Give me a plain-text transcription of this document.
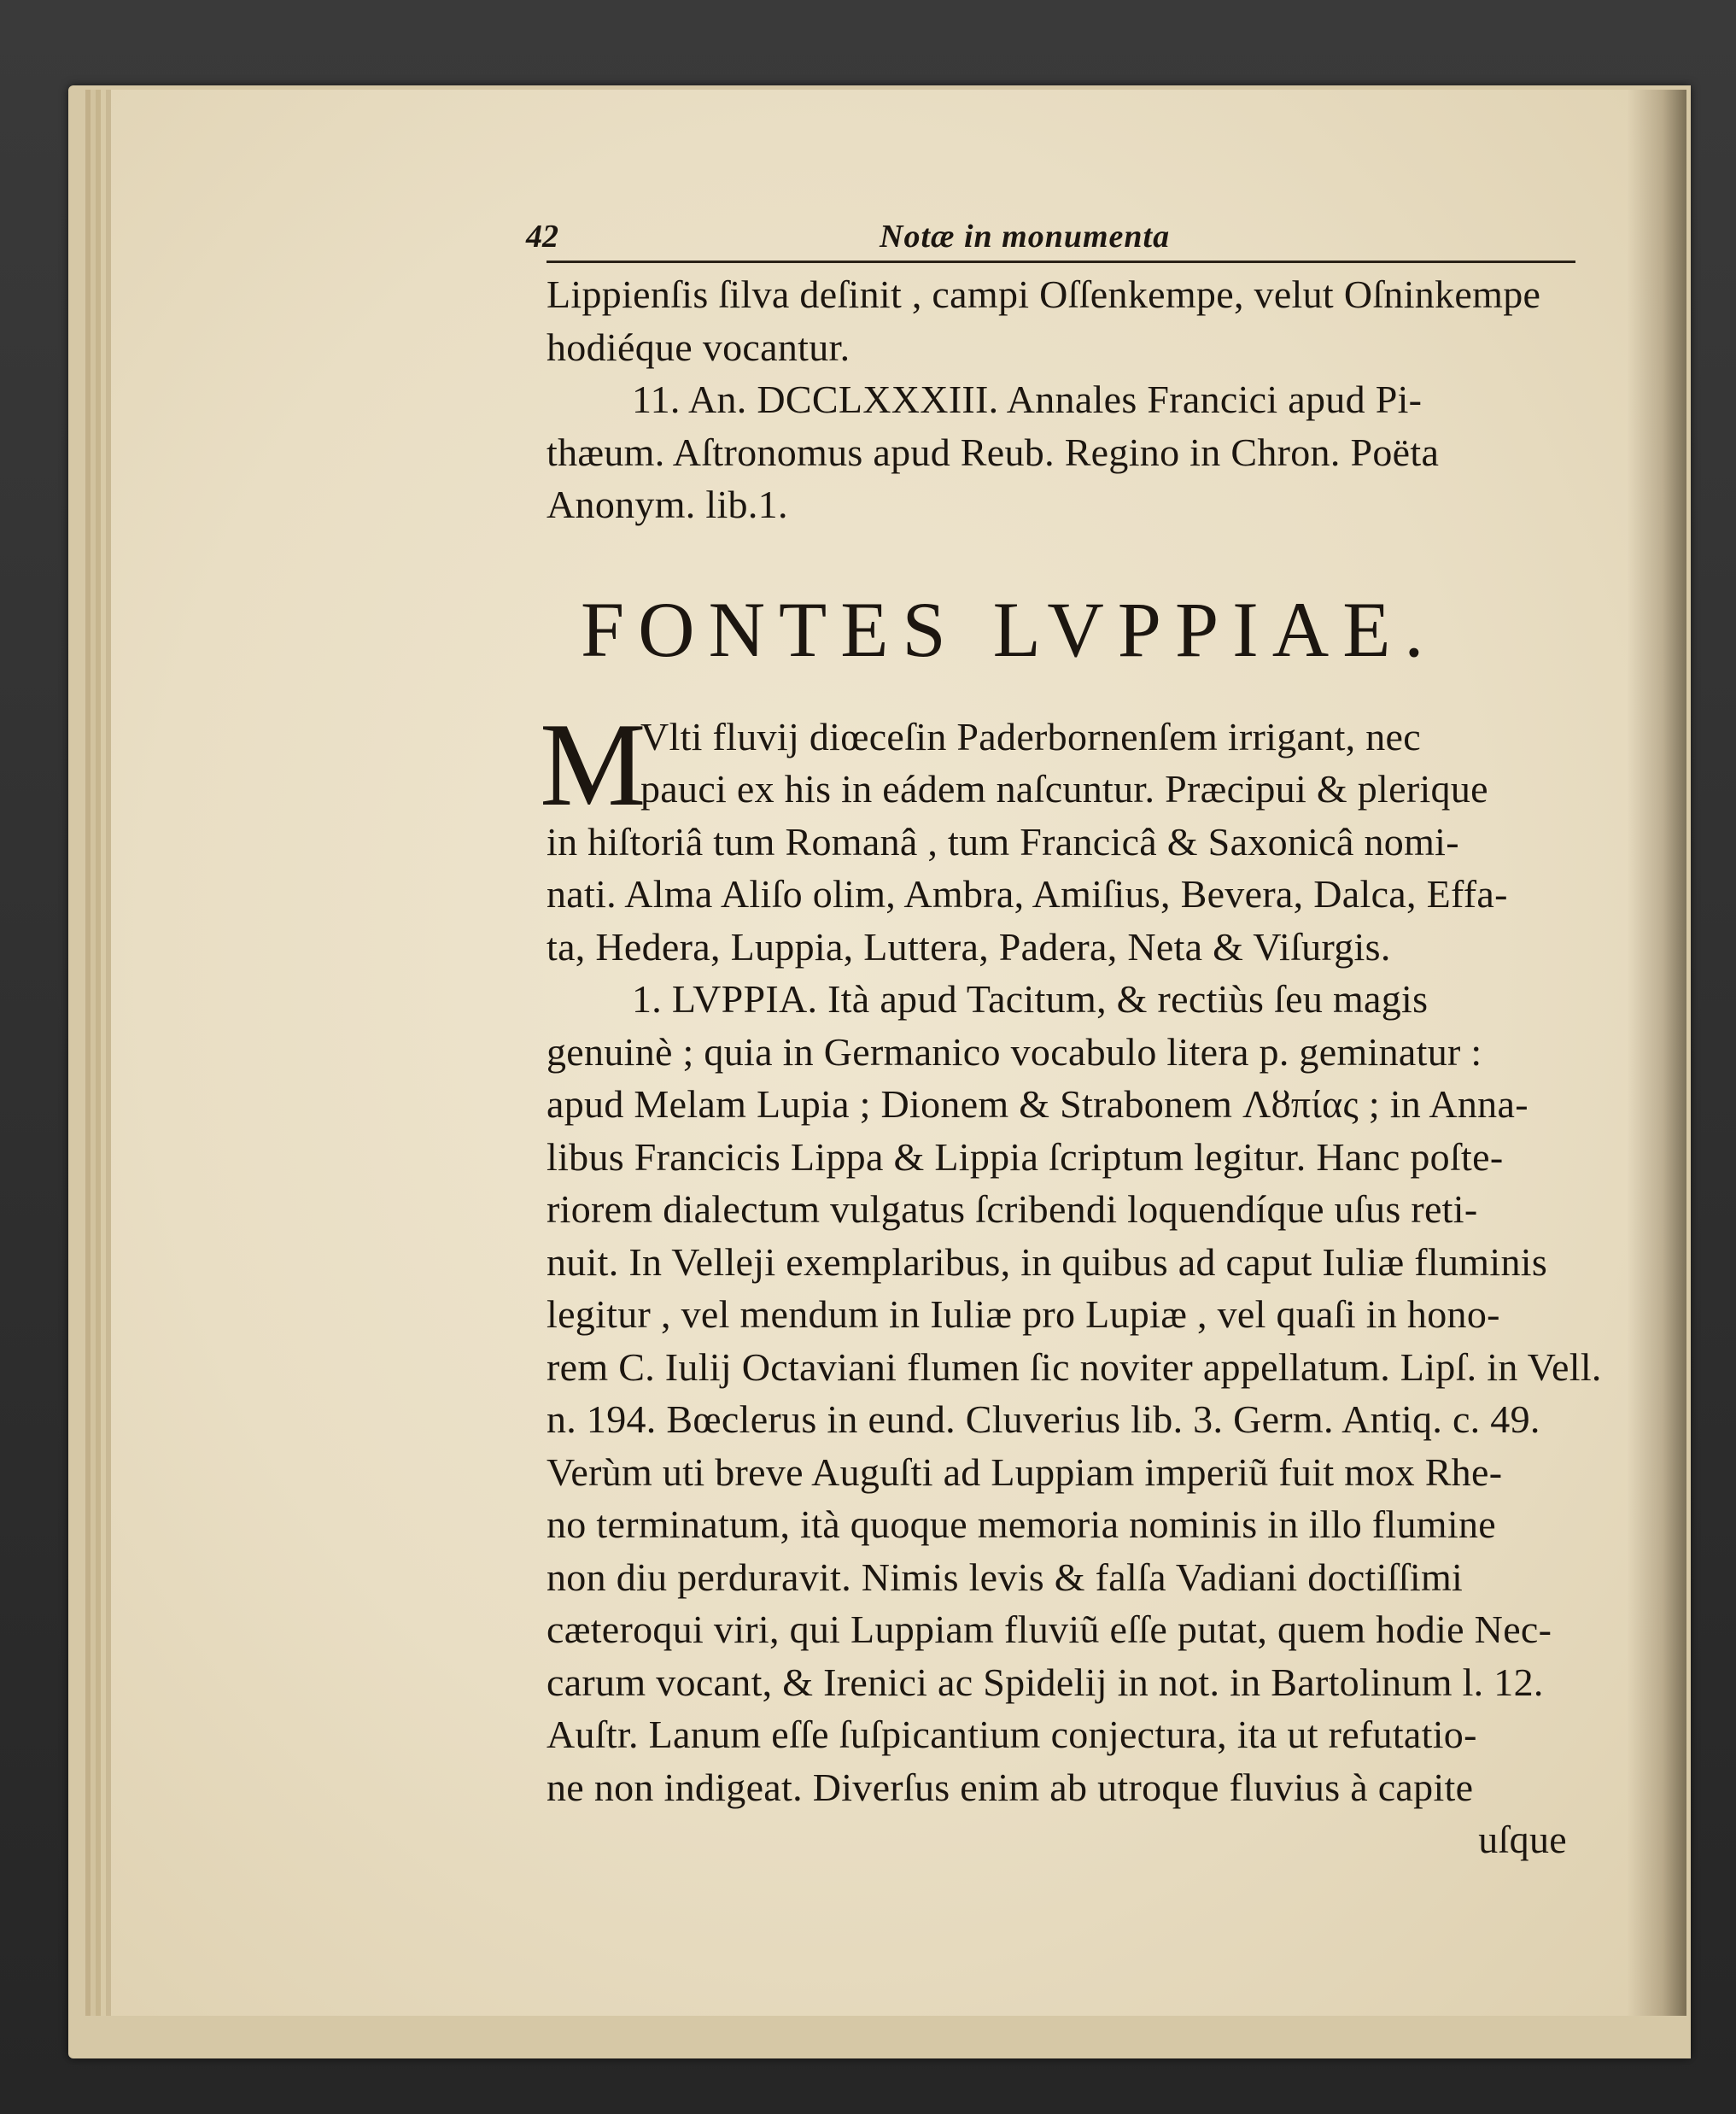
42	Notæ in monumenta
Lippienſis ſilva deſinit , campi Oſſenkempe, velut Oſninkempe
hodiéque vocantur.
11. An. DCCLXXXIII. Annales Francici apud Pi-
thæum. Aſtronomus apud Reub. Regino in Chron. Poëta
Anonym. lib.1.
FONTES LVPPIAE.
M
Vlti fluvij diœceſin Paderbornenſem irrigant, nec
pauci ex his in eádem naſcuntur. Præcipui & plerique
in hiſtoriâ tum Romanâ , tum Francicâ & Saxonicâ nomi-
nati. Alma Aliſo olim, Ambra, Amiſius, Bevera, Dalca, Effa-
ta, Hedera, Luppia, Luttera, Padera, Neta & Viſurgis.
1. LVPPIA. Ità apud Tacitum, & rectiùs ſeu magis
genuinè ; quia in Germanico vocabulo litera p. geminatur :
apud Melam Lupia ; Dionem & Strabonem Λȣπίας ; in Anna-
libus Francicis Lippa & Lippia ſcriptum legitur. Hanc poſte-
riorem dialectum vulgatus ſcribendi loquendíque uſus reti-
nuit. In Velleji exemplaribus, in quibus ad caput Iuliæ fluminis
legitur , vel mendum in Iuliæ pro Lupiæ , vel quaſi in hono-
rem C. Iulij Octaviani flumen ſic noviter appellatum. Lipſ. in Vell.
n. 194. Bœclerus in eund. Cluverius lib. 3. Germ. Antiq. c. 49.
Verùm uti breve Auguſti ad Luppiam imperiũ fuit mox Rhe-
no terminatum, ità quoque memoria nominis in illo flumine
non diu perduravit. Nimis levis & falſa Vadiani doctiſſimi
cæteroqui viri, qui Luppiam fluviũ eſſe putat, quem hodie Nec-
carum vocant, & Irenici ac Spidelij in not. in Bartolinum l. 12.
Auſtr. Lanum eſſe ſuſpicantium conjectura, ita ut refutatio-
ne non indigeat. Diverſus enim ab utroque fluvius à capite
uſque
